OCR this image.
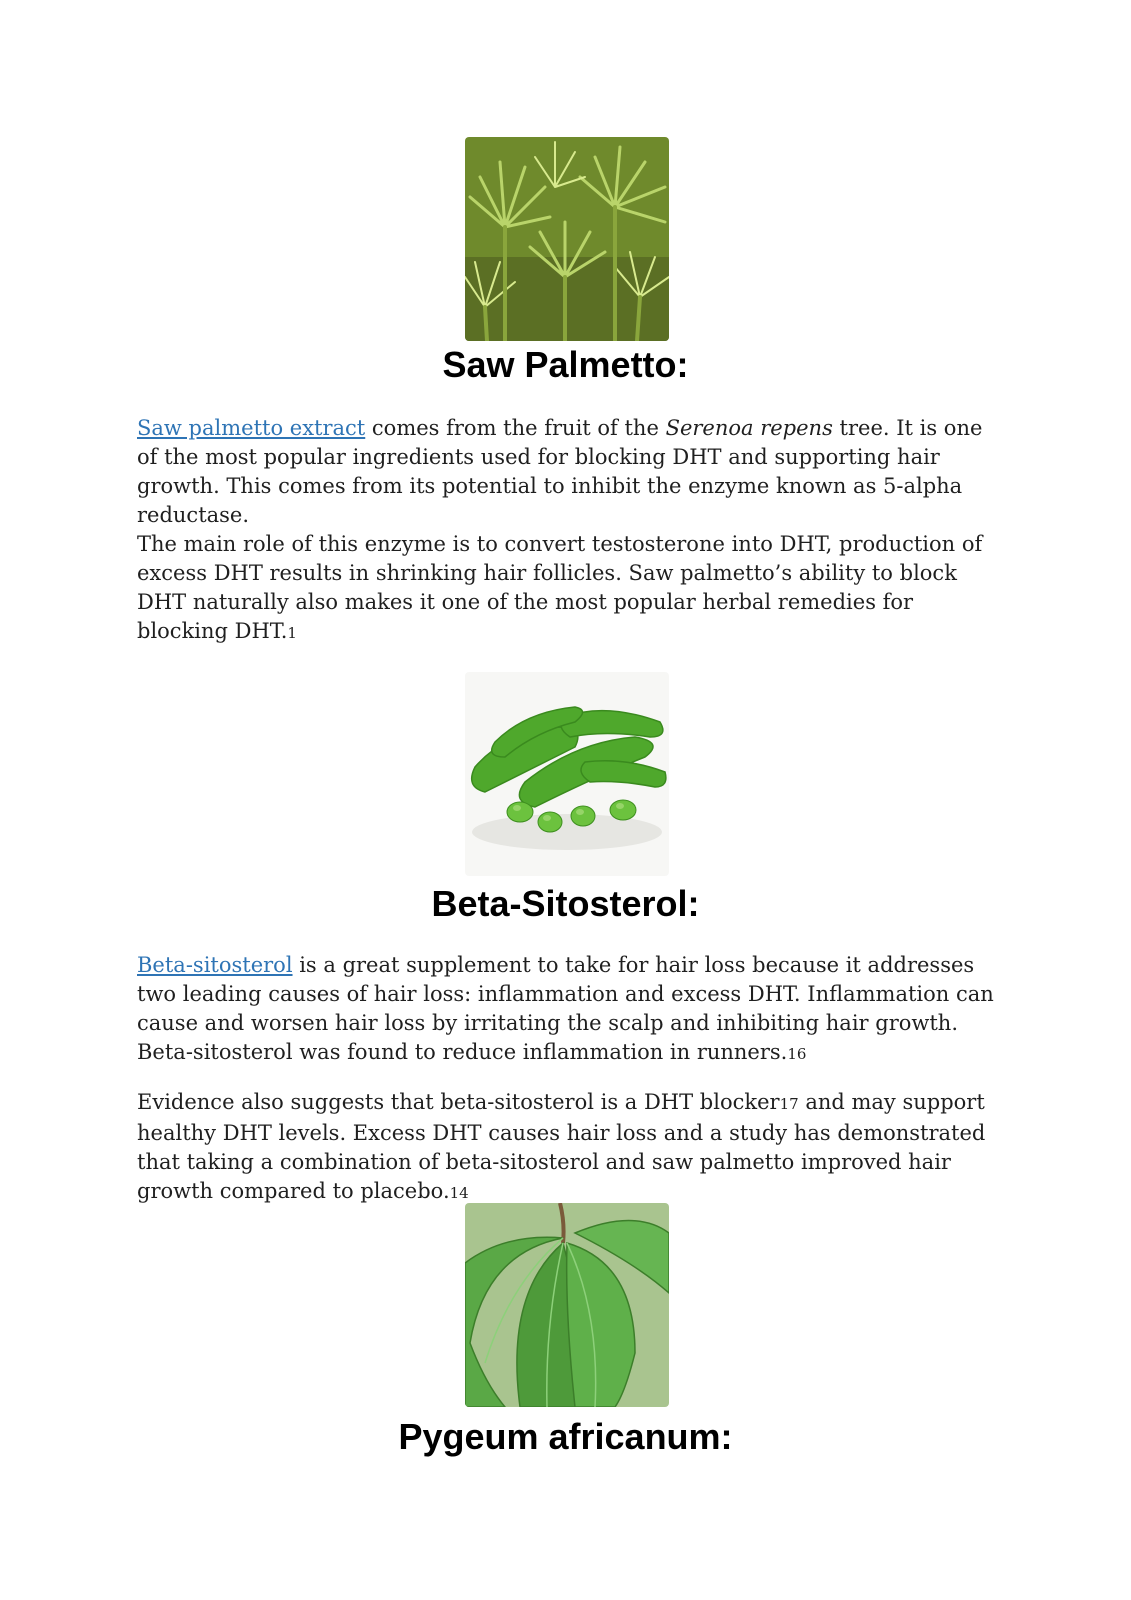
Saw Palmetto:

Saw palmetto extract comes from the fruit of the Serenoa repens tree. It is one of the most popular ingredients used for blocking DHT and supporting hair growth. This comes from its potential to inhibit the enzyme known as 5-alpha reductase.

The main role of this enzyme is to convert testosterone into DHT, production of excess DHT results in shrinking hair follicles. Saw palmetto’s ability to block DHT naturally also makes it one of the most popular herbal remedies for blocking DHT.1

Beta-Sitosterol:

Beta-sitosterol is a great supplement to take for hair loss because it addresses two leading causes of hair loss: inflammation and excess DHT. Inflammation can cause and worsen hair loss by irritating the scalp and inhibiting hair growth. Beta-sitosterol was found to reduce inflammation in runners.16

Evidence also suggests that beta-sitosterol is a DHT blocker17 and may support healthy DHT levels. Excess DHT causes hair loss and a study has demonstrated that taking a combination of beta-sitosterol and saw palmetto improved hair growth compared to placebo.14

Pygeum africanum:
